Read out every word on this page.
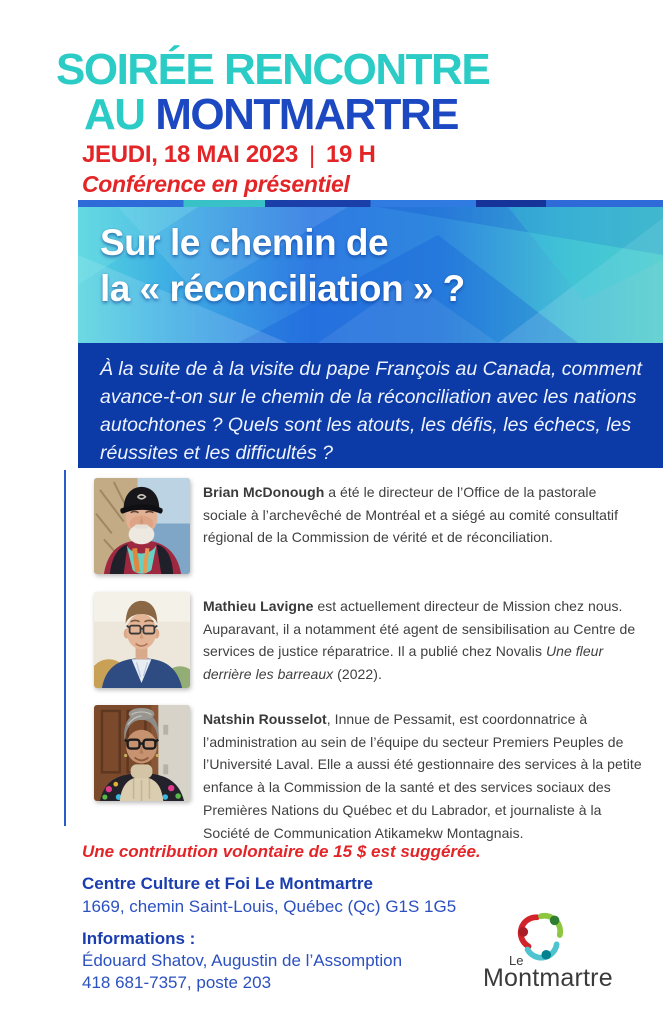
SOIRÉE RENCONTRE
AU MONTMARTRE
JEUDI, 18 MAI 2023 | 19 H
Conférence en présentiel
Sur le chemin de
la « réconciliation » ?
À la suite de à la visite du pape François au Canada, comment avance-t-on sur le chemin de la réconciliation avec les nations autochtones ? Quels sont les atouts, les défis, les échecs, les réussites et les difficultés ?
Brian McDonough a été le directeur de l’Office de la pastorale sociale à l’archevêché de Montréal et a siégé au comité consultatif régional de la Commission de vérité et de réconciliation.
Mathieu Lavigne est actuellement directeur de Mission chez nous. Auparavant, il a notamment été agent de sensibilisation au Centre de services de justice réparatrice. Il a publié chez Novalis Une fleur derrière les barreaux (2022).
Natshin Rousselot, Innue de Pessamit, est coordonnatrice à l’administration au sein de l’équipe du secteur Premiers Peuples de l’Université Laval. Elle a aussi été gestionnaire des services à la petite enfance à la Commission de la santé et des services sociaux des Premières Nations du Québec et du Labrador, et journaliste à la Société de Communication Atikamekw Montagnais.
Une contribution volontaire de 15 $ est suggérée.
Centre Culture et Foi Le Montmartre
1669, chemin Saint-Louis, Québec (Qc) G1S 1G5
Informations :
Édouard Shatov, Augustin de l’Assomption
418 681-7357, poste 203
Le
Montmartre
